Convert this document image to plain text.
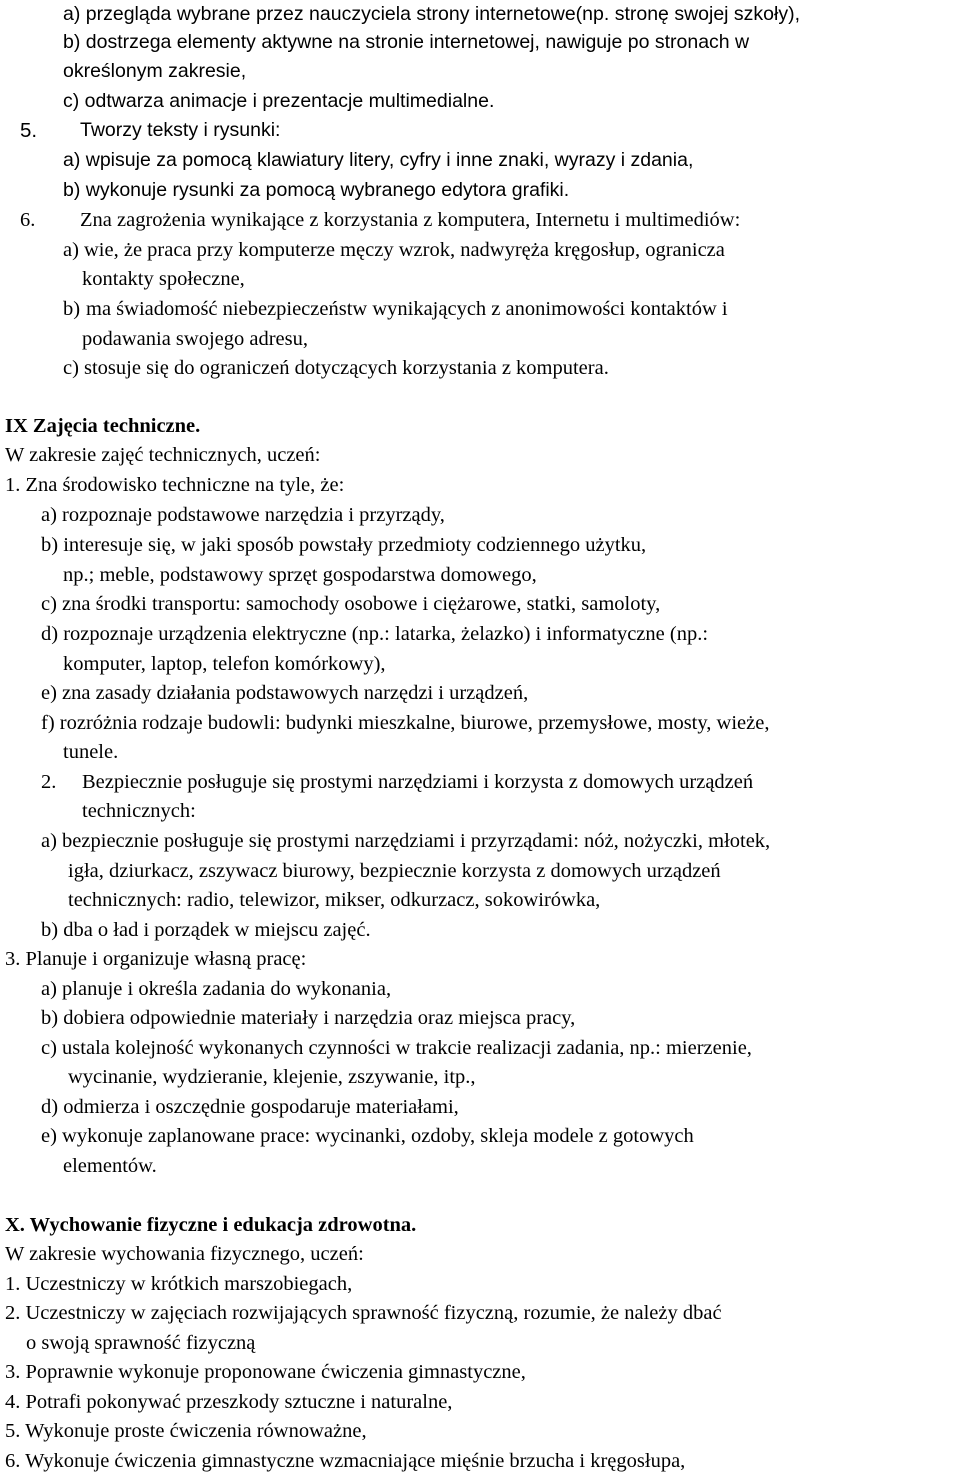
a) przegląda wybrane przez nauczyciela strony internetowe(np. stronę swojej szkoły),
b) dostrzega elementy aktywne na stronie internetowej, nawiguje po stronach w
określonym zakresie,
c) odtwarza animacje i prezentacje multimedialne.
5. Tworzy teksty i rysunki:
a) wpisuje za pomocą klawiatury litery, cyfry i inne znaki, wyrazy i zdania,
b) wykonuje rysunki za pomocą wybranego edytora grafiki.
6. Zna zagrożenia wynikające z korzystania z komputera, Internetu i multimediów:
a) wie, że praca przy komputerze męczy wzrok, nadwyręża kręgosłup, ogranicza
kontakty społeczne,
b) ma świadomość niebezpieczeństw wynikających z anonimowości kontaktów i
podawania swojego adresu,
c) stosuje się do ograniczeń dotyczących korzystania z komputera.
IX Zajęcia techniczne.
W zakresie zajęć technicznych, uczeń:
1. Zna środowisko techniczne na tyle, że:
a) rozpoznaje podstawowe narzędzia i przyrządy,
b) interesuje się, w jaki sposób powstały przedmioty codziennego użytku,
np.; meble, podstawowy sprzęt gospodarstwa domowego,
c) zna środki transportu: samochody osobowe i ciężarowe, statki, samoloty,
d) rozpoznaje urządzenia elektryczne (np.: latarka, żelazko) i informatyczne (np.:
komputer, laptop, telefon komórkowy),
e) zna zasady działania podstawowych narzędzi i urządzeń,
f) rozróżnia rodzaje budowli: budynki mieszkalne, biurowe, przemysłowe, mosty, wieże,
tunele.
2. Bezpiecznie posługuje się prostymi narzędziami i korzysta z domowych urządzeń
technicznych:
a) bezpiecznie posługuje się prostymi narzędziami i przyrządami: nóż, nożyczki, młotek,
igła, dziurkacz, zszywacz biurowy, bezpiecznie korzysta z domowych urządzeń
technicznych: radio, telewizor, mikser, odkurzacz, sokowirówka,
b) dba o ład i porządek w miejscu zajęć.
3. Planuje i organizuje własną pracę:
a) planuje i określa zadania do wykonania,
b) dobiera odpowiednie materiały i narzędzia oraz miejsca pracy,
c) ustala kolejność wykonanych czynności w trakcie realizacji zadania, np.: mierzenie,
wycinanie, wydzieranie, klejenie, zszywanie, itp.,
d) odmierza i oszczędnie gospodaruje materiałami,
e) wykonuje zaplanowane prace: wycinanki, ozdoby, skleja modele z gotowych
elementów.
X. Wychowanie fizyczne i edukacja zdrowotna.
W zakresie wychowania fizycznego, uczeń:
1. Uczestniczy w krótkich marszobiegach,
2. Uczestniczy w zajęciach rozwijających sprawność fizyczną, rozumie, że należy dbać
o swoją sprawność fizyczną
3. Poprawnie wykonuje proponowane ćwiczenia gimnastyczne,
4. Potrafi pokonywać przeszkody sztuczne i naturalne,
5. Wykonuje proste ćwiczenia równoważne,
6. Wykonuje ćwiczenia gimnastyczne wzmacniające mięśnie brzucha i kręgosłupa,
